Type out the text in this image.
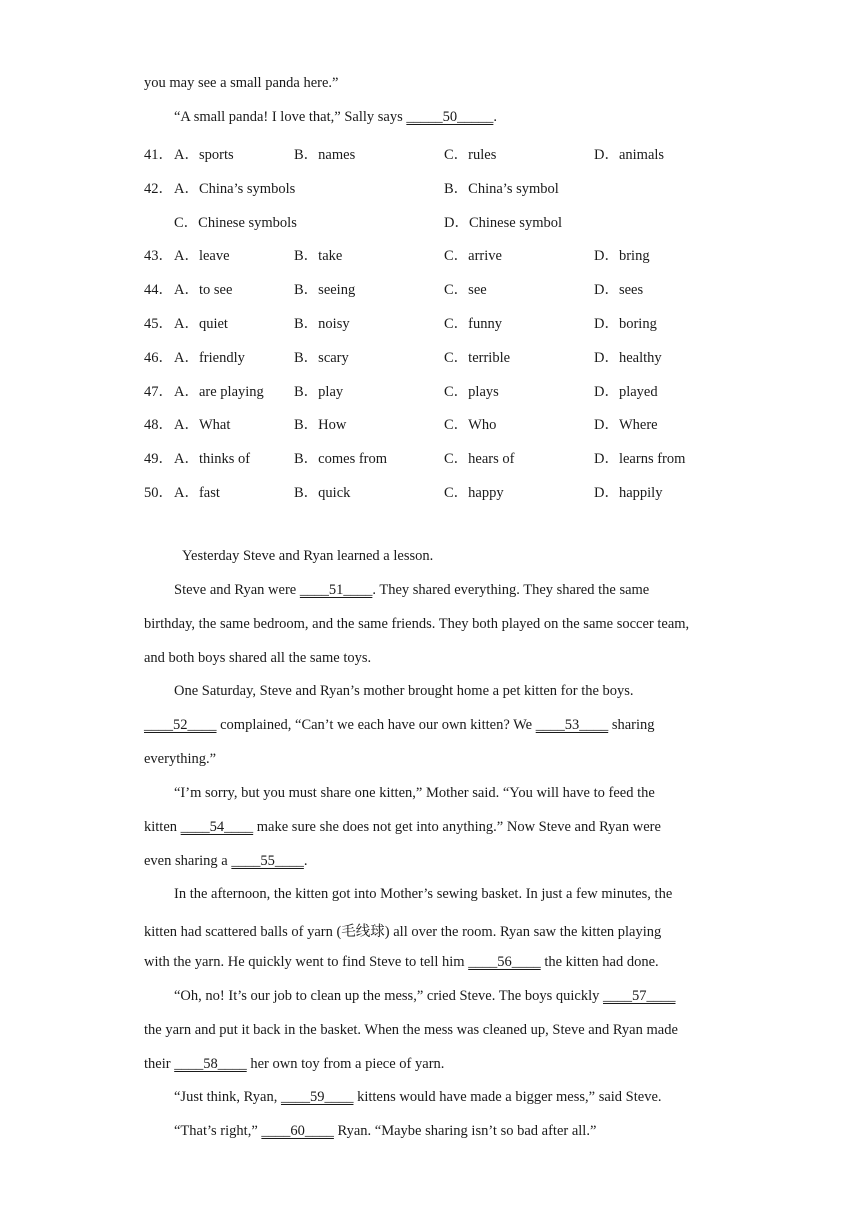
you may see a small panda here.”
“A small panda! I love that,” Sally says _____50_____.
41． A．sports	B．names	C．rules	D．animals
42． A．China’s symbols	B．China’s symbol
C．Chinese symbols	D．Chinese symbol
43． A．leave	B．take	C．arrive	D．bring
44． A．to see	B．seeing	C．see	D．sees
45． A．quiet	B．noisy	C．funny	D．boring
46． A．friendly	B．scary	C．terrible	D．healthy
47． A．are playing B．play	C．plays	D．played
48． A．What	B．How	C．Who	D．Where
49． A．thinks of	B．comes from	C．hears of	D．learns from
50． A．fast	B．quick	C．happy	D．happily
Yesterday Steve and Ryan learned a lesson.
Steve and Ryan were ____51____. They shared everything. They shared the same
birthday, the same bedroom, and the same friends. They both played on the same soccer team,
and both boys shared all the same toys.
One Saturday, Steve and Ryan’s mother brought home a pet kitten for the boys.
____52____ complained, “Can’t we each have our own kitten? We ____53____ sharing
everything.”
“I’m sorry, but you must share one kitten,” Mother said. “You will have to feed the
kitten ____54____ make sure she does not get into anything.” Now Steve and Ryan were
even sharing a ____55____.
In the afternoon, the kitten got into Mother’s sewing basket. In just a few minutes, the
kitten had scattered balls of yarn (毛线球) all over the room. Ryan saw the kitten playing
with the yarn. He quickly went to find Steve to tell him ____56____ the kitten had done.
“Oh, no! It’s our job to clean up the mess,” cried Steve. The boys quickly ____57____
the yarn and put it back in the basket. When the mess was cleaned up, Steve and Ryan made
their ____58____ her own toy from a piece of yarn.
“Just think, Ryan, ____59____ kittens would have made a bigger mess,” said Steve.
“That’s right,” ____60____ Ryan. “Maybe sharing isn’t so bad after all.”
